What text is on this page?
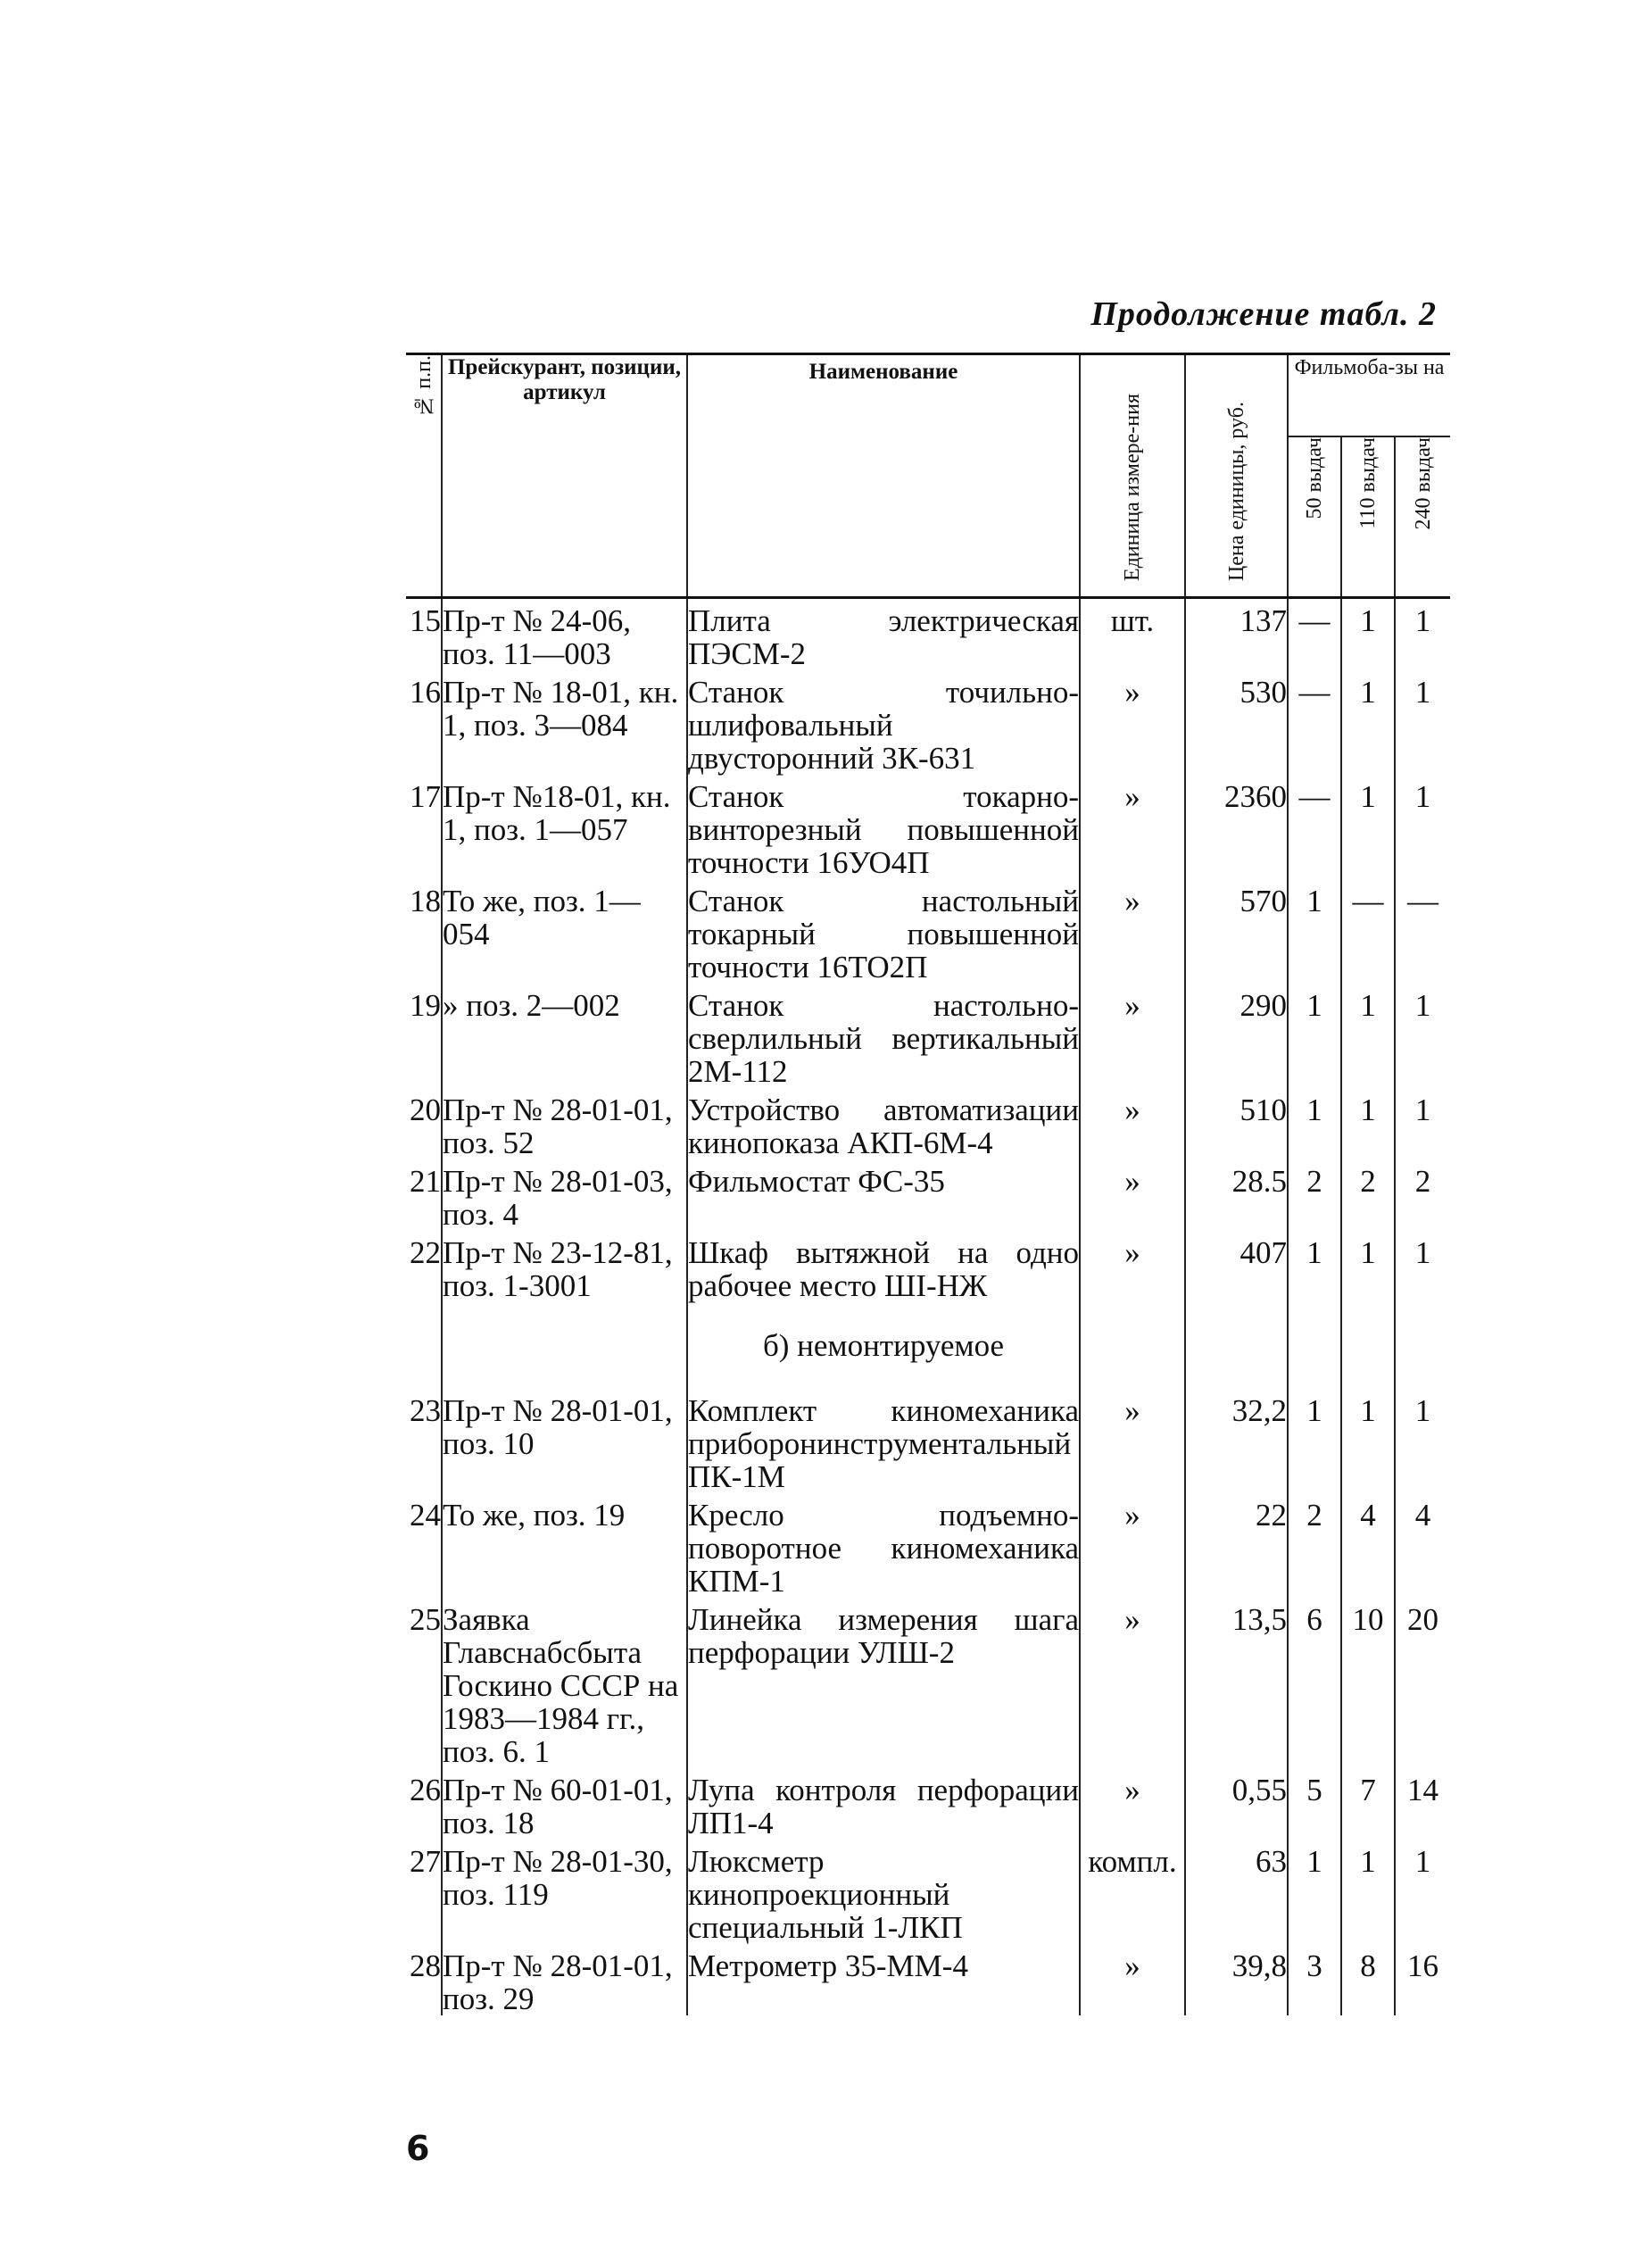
Продолжение табл. 2
№ п.п.	Прейскурант, позиции, артикул	Наименование	Единица измере-ния	Цена единицы, руб.	Фильмоба-зы на		
					50 выдач	110 выдач	240 выдач
15	Пр-т № 24-06, поз. 11—003	Плита электрическая ПЭСМ-2	шт.	137	—	1	1
16	Пр-т № 18-01, кн. 1, поз. 3—084	Станок точильно-шлифовальный двусторонний 3К-631	»	530	—	1	1
17	Пр-т №18-01, кн. 1, поз. 1—057	Станок токарно-винторезный повышенной точности 16УО4П	»	2360	—	1	1
18	То же, поз. 1—054	Станок настольный токарный повышенной точности 16ТО2П	»	570	1	—	—
19	» поз. 2—002	Станок настольно-сверлильный вертикальный 2М-112	»	290	1	1	1
20	Пр-т № 28-01-01, поз. 52	Устройство автоматизации кинопоказа АКП-6М-4	»	510	1	1	1
21	Пр-т № 28-01-03, поз. 4	Фильмостат ФС-35	»	28.5	2	2	2
22	Пр-т № 23-12-81, поз. 1-3001	Шкаф вытяжной на одно рабочее место ШІ-НЖ	»	407	1	1	1
		б) немонтируемое					
23	Пр-т № 28-01-01, поз. 10	Комплект киномеханика приборонинструментальный ПК-1М	»	32,2	1	1	1
24	То же, поз. 19	Кресло подъемно-поворотное киномеханика КПМ-1	»	22	2	4	4
25	Заявка Главснабсбыта Госкино СССР на 1983—1984 гг., поз. 6. 1	Линейка измерения шага перфорации УЛШ-2	»	13,5	6	10	20
26	Пр-т № 60-01-01, поз. 18	Лупа контроля перфорации ЛП1-4	»	0,55	5	7	14
27	Пр-т № 28-01-30, поз. 119	Люксметр кинопроекционный специальный 1-ЛКП	компл.	63	1	1	1
28	Пр-т № 28-01-01, поз. 29	Метрометр 35-ММ-4	»	39,8	3	8	16
6
